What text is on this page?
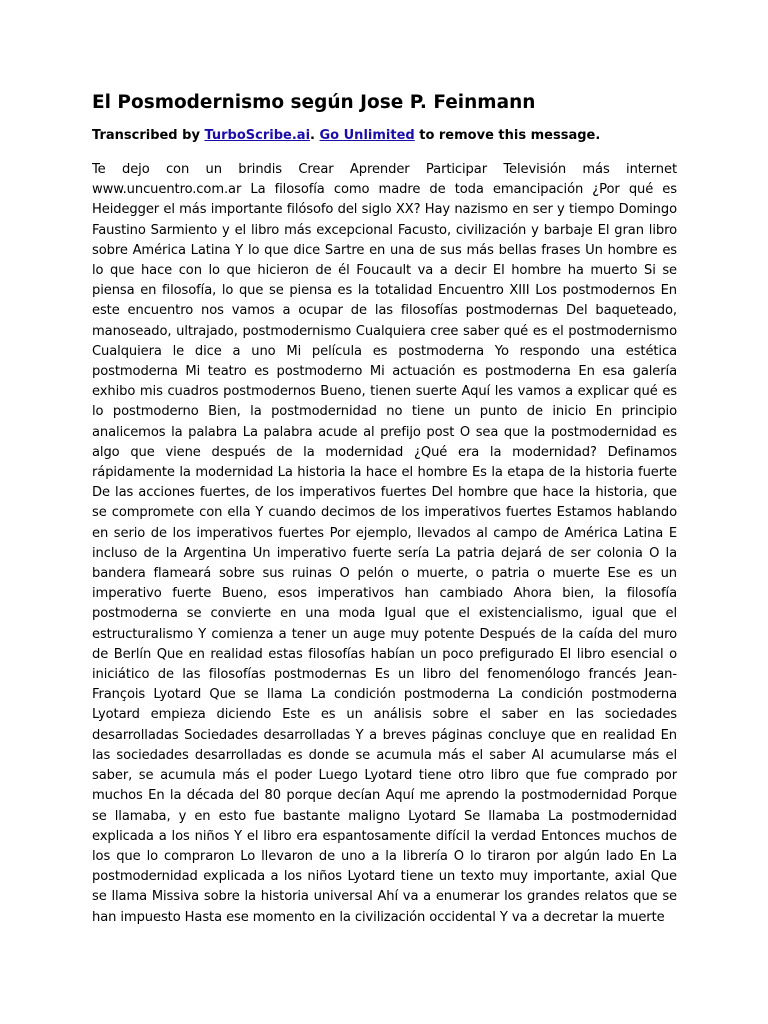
El Posmodernismo según Jose P. Feinmann

Transcribed by TurboScribe.ai. Go Unlimited to remove this message.

Te dejo con un brindis Crear Aprender Participar Televisión más internet www.uncuentro.com.ar La filosofía como madre de toda emancipación ¿Por qué es Heidegger el más importante filósofo del siglo XX? Hay nazismo en ser y tiempo Domingo Faustino Sarmiento y el libro más excepcional Facusto, civilización y barbaje El gran libro sobre América Latina Y lo que dice Sartre en una de sus más bellas frases Un hombre es lo que hace con lo que hicieron de él Foucault va a decir El hombre ha muerto Si se piensa en filosofía, lo que se piensa es la totalidad Encuentro XIII Los postmodernos En este encuentro nos vamos a ocupar de las filosofías postmodernas Del baqueteado, manoseado, ultrajado, postmodernismo Cualquiera cree saber qué es el postmodernismo Cualquiera le dice a uno Mi película es postmoderna Yo respondo una estética postmoderna Mi teatro es postmoderno Mi actuación es postmoderna En esa galería exhibo mis cuadros postmodernos Bueno, tienen suerte Aquí les vamos a explicar qué es lo postmoderno Bien, la postmodernidad no tiene un punto de inicio En principio analicemos la palabra La palabra acude al prefijo post O sea que la postmodernidad es algo que viene después de la modernidad ¿Qué era la modernidad? Definamos rápidamente la modernidad La historia la hace el hombre Es la etapa de la historia fuerte De las acciones fuertes, de los imperativos fuertes Del hombre que hace la historia, que se compromete con ella Y cuando decimos de los imperativos fuertes Estamos hablando en serio de los imperativos fuertes Por ejemplo, llevados al campo de América Latina E incluso de la Argentina Un imperativo fuerte sería La patria dejará de ser colonia O la bandera flameará sobre sus ruinas O pelón o muerte, o patria o muerte Ese es un imperativo fuerte Bueno, esos imperativos han cambiado Ahora bien, la filosofía postmoderna se convierte en una moda Igual que el existencialismo, igual que el estructuralismo Y comienza a tener un auge muy potente Después de la caída del muro de Berlín Que en realidad estas filosofías habían un poco prefigurado El libro esencial o iniciático de las filosofías postmodernas Es un libro del fenomenólogo francés Jean-François Lyotard Que se llama La condición postmoderna La condición postmoderna Lyotard empieza diciendo Este es un análisis sobre el saber en las sociedades desarrolladas Sociedades desarrolladas Y a breves páginas concluye que en realidad En las sociedades desarrolladas es donde se acumula más el saber Al acumularse más el saber, se acumula más el poder Luego Lyotard tiene otro libro que fue comprado por muchos En la década del 80 porque decían Aquí me aprendo la postmodernidad Porque se llamaba, y en esto fue bastante maligno Lyotard Se llamaba La postmodernidad explicada a los niños Y el libro era espantosamente difícil la verdad Entonces muchos de los que lo compraron Lo llevaron de uno a la librería O lo tiraron por algún lado En La postmodernidad explicada a los niños Lyotard tiene un texto muy importante, axial Que se llama Missiva sobre la historia universal Ahí va a enumerar los grandes relatos que se han impuesto Hasta ese momento en la civilización occidental Y va a decretar la muerte
